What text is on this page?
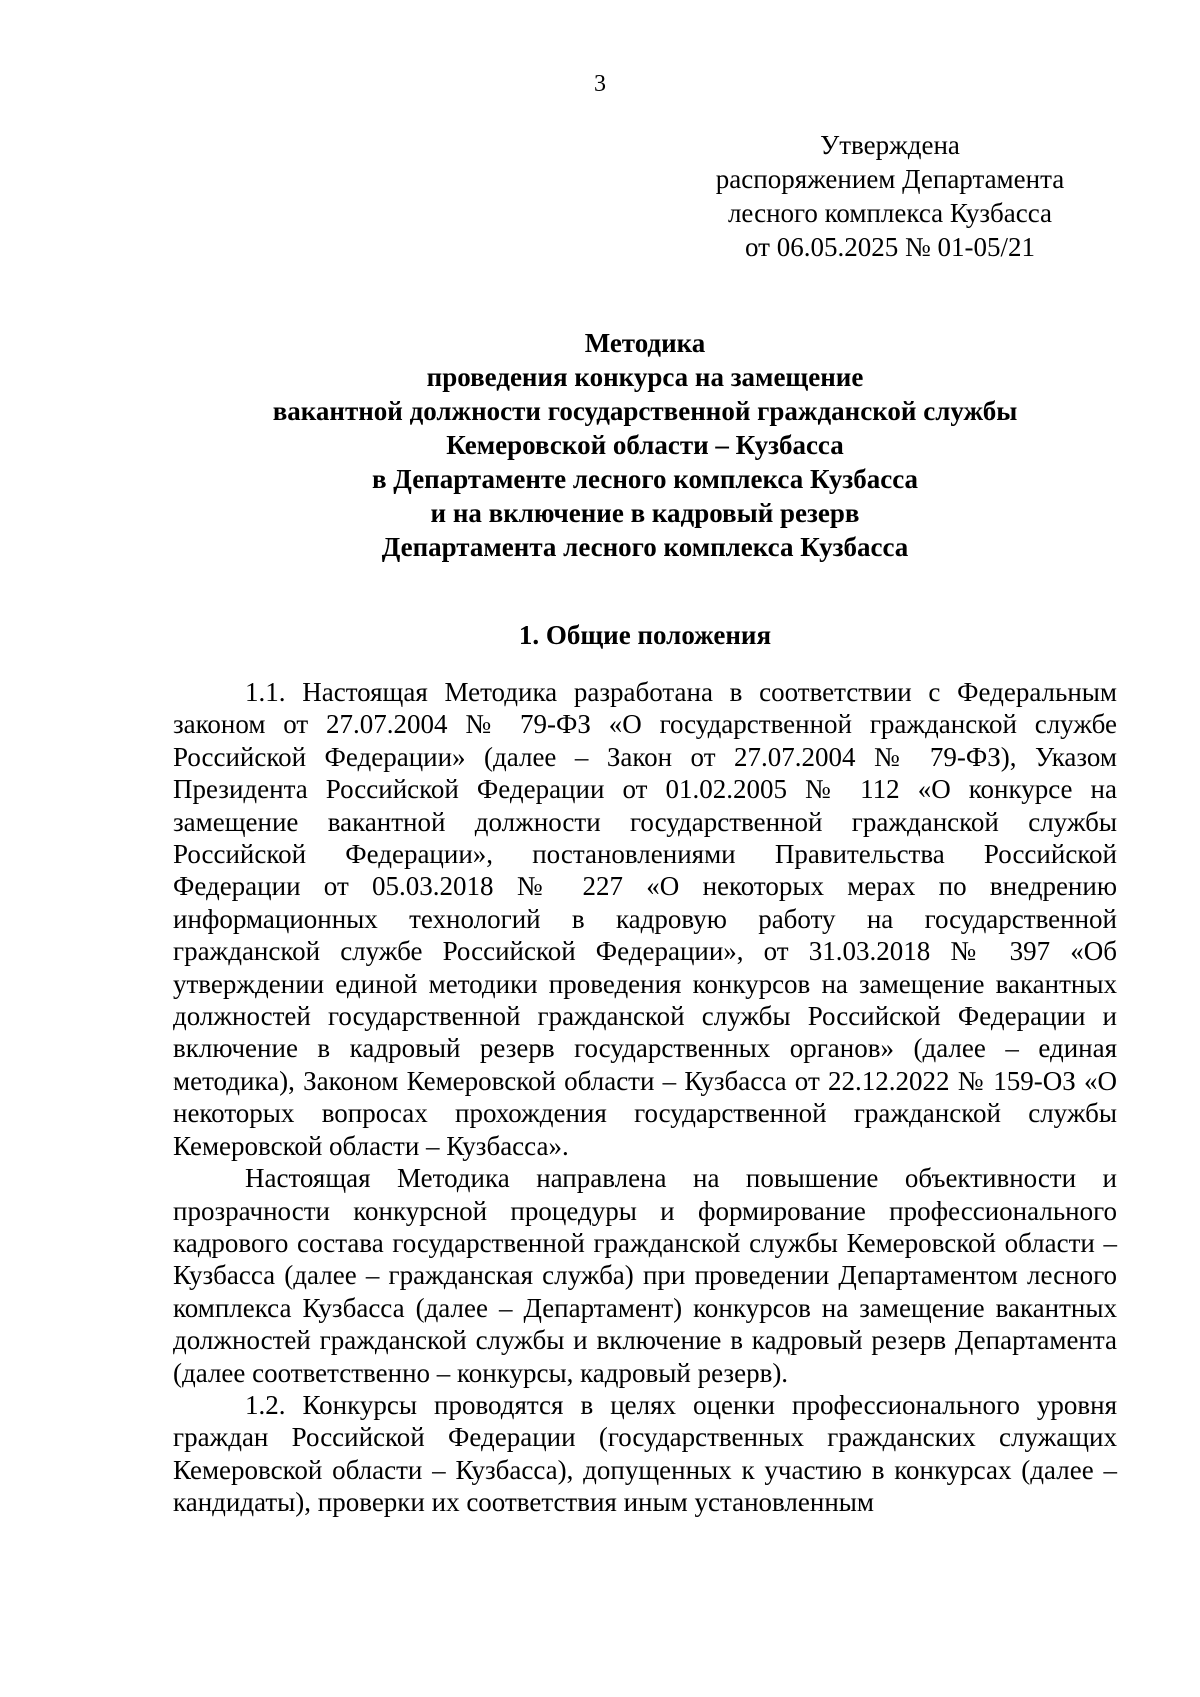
3
Утверждена
распоряжением Департамента
лесного комплекса Кузбасса
от 06.05.2025 № 01-05/21
Методика
проведения конкурса на замещение
вакантной должности государственной гражданской службы
Кемеровской области – Кузбасса
в Департаменте лесного комплекса Кузбасса
и на включение в кадровый резерв
Департамента лесного комплекса Кузбасса
1. Общие положения

1.1. Настоящая Методика разработана в соответствии с Федеральным законом от 27.07.2004 № 79-ФЗ «О государственной гражданской службе Российской Федерации» (далее – Закон от 27.07.2004 № 79-ФЗ), Указом Президента Российской Федерации от 01.02.2005 № 112 «О конкурсе на замещение вакантной должности государственной гражданской службы Российской Федерации», постановлениями Правительства Российской Федерации от 05.03.2018 № 227 «О некоторых мерах по внедрению информационных технологий в кадровую работу на государственной гражданской службе Российской Федерации», от 31.03.2018 № 397 «Об утверждении единой методики проведения конкурсов на замещение вакантных должностей государственной гражданской службы Российской Федерации и включение в кадровый резерв государственных органов» (далее – единая методика), Законом Кемеровской области – Кузбасса от 22.12.2022 № 159-ОЗ «О некоторых вопросах прохождения государственной гражданской службы Кемеровской области – Кузбасса».

Настоящая Методика направлена на повышение объективности и прозрачности конкурсной процедуры и формирование профессионального кадрового состава государственной гражданской службы Кемеровской области – Кузбасса (далее – гражданская служба) при проведении Департаментом лесного комплекса Кузбасса (далее – Департамент) конкурсов на замещение вакантных должностей гражданской службы и включение в кадровый резерв Департамента (далее соответственно – конкурсы, кадровый резерв).

1.2. Конкурсы проводятся в целях оценки профессионального уровня граждан Российской Федерации (государственных гражданских служащих Кемеровской области – Кузбасса), допущенных к участию в конкурсах (далее – кандидаты), проверки их соответствия иным установленным
